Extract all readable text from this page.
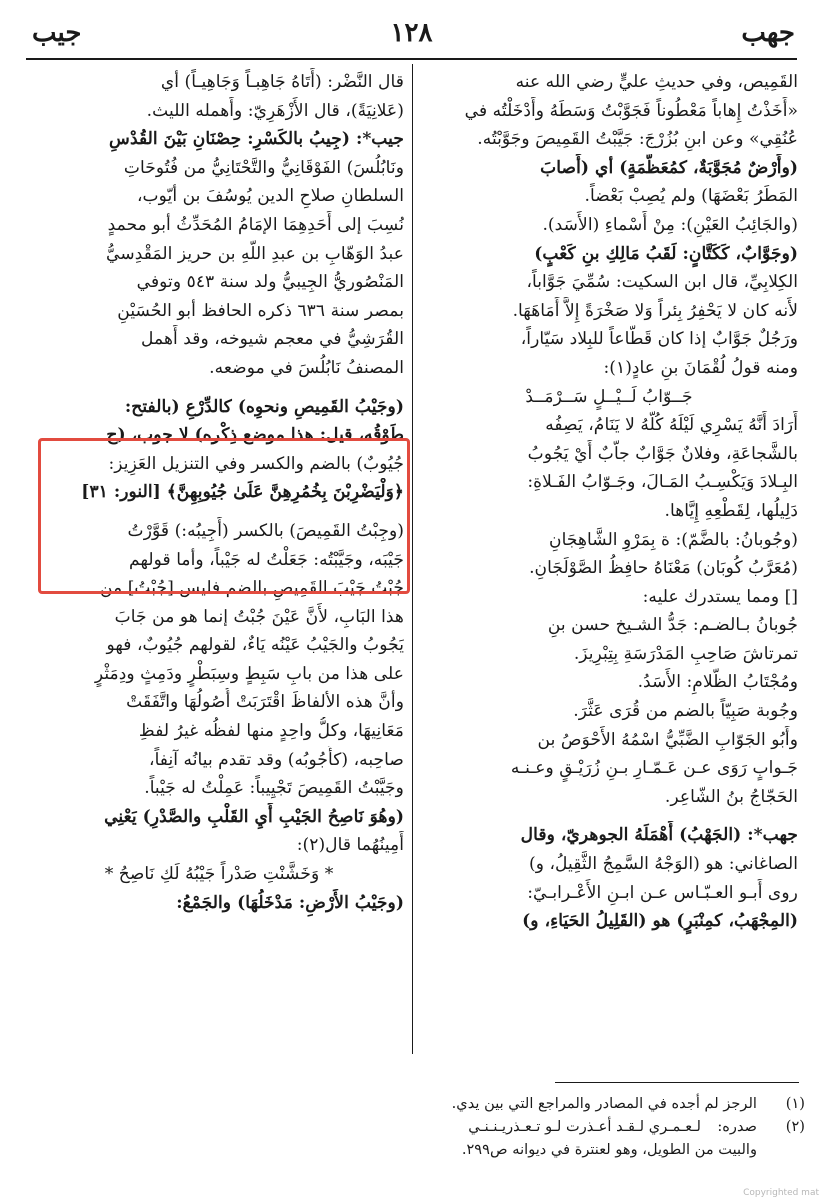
جهب
١٢٨
جيب
القَمِيص، وفي حديثِ عليٍّ رضي الله عنه
«أَخَذْتُ إِهاباً مَعْطُوناً فَجَوَّبْتُ وَسَطَهُ وأَدْخَلْتُه في
عُنُقِي» وعن ابنِ بُزُرْجَ: جَيَّبْتُ القَمِيصَ وجَوَّبْتُه.
(وأَرْضٌ مُجَوَّبَةٌ، كمُعَظَّمَةٍ) أي (أَصابَ
المَطَرُ بَعْضَهَا) ولم يُصِبْ بَعْضاً.
(والجَائِبُ العَيْنِ): مِنْ أَسْماءِ (الأَسَد).
(وجَوَّابٌ، كَكَتَّانٍ: لَقَبُ مَالِكِ بنِ كَعْبٍ)
الكِلابِيِّ، قال ابن السكيت: سُمِّيَ جَوَّاباً،
لأَنه كان لا يَحْفِرُ بِئراً وَلا صَخْرَةً إِلاَّ أَمَاهَهَا.
ورَجُلٌ جَوَّابٌ إذا كان قَطَّاعاً للبِلاد سَيّاراً،
ومنه قولُ لُقْمَانَ بنِ عادٍ(١):
جَــوّابُ لَــيْــلٍ سَــرْمَــدْ
أَرَادَ أَنَّهُ يَسْرِي لَيْلَهُ كُلَّهُ لا يَنَامُ، يَصِفُه
بالشَّجاعَةِ، وفلانٌ جَوَّابٌ جاَّبٌ أَيْ يَجُوبُ
البِـلادَ وَيَكْسِـبُ المَـالَ، وجَـوّابُ الفَـلاةِ:
دَلِيلُها، لِقَطْعِهِ إِيَّاها.
(وجُوبانُ: بالضَّمّ): ة بِمَرْوِ الشَّاهِجَانِ
(مُعَرَّبُ كُوبَان) مَعْنَاهُ حافِظُ الصَّوْلَجَانِ.
[] ومما يستدرك عليه:
جُوبانُ بـالضـم: جَدُّ الشـيخ حسن بنِ
تمرتاشَ صَاحِبِ المَدْرَسَةِ بِتِبْرِيزَ.
ومُجْتَابُ الظَّلامِ: الأَسَدُ.
وجُوبة صَبِيّاً بالضم من قُرَى عَثَّرَ.
وأَبُو الجَوّابِ الضَّبِّيُّ اسْمُهُ الأَحْوَصُ بن
جَـوابٍ رَوَى عـن عَـمّـارِ بـنِ زُرَيْـقٍ وعـنـه
الحَجّاجُ بنُ الشّاعِر.
جهب*: (الجَهْبُ) أَهْمَلَهُ الجوهريّ، وقال
الصاغاني: هو (الوَجْهُ السَّمِجُ الثَّقِيلُ، و)
روى أَبـو العـبّـاس عـن ابـنِ الأَعْـرابـيّ:
(المِجْهَبُ، كمِنْبَرٍ) هو (القَلِيلُ الحَيَاءِ، و)
قال النَّضْر: (أَتَاهُ جَاهِبـاً وَجَاهِيـاً) أي
(عَلانِيَةً)، قال الأَزْهَرِيّ: وأَهمله الليث.
جيب*: (جِيبُ بالكَسْرِ: حِصْنَانِ بَيْنَ القُدْسِ
ونَابُلُسَ) الفَوْقَانِيُّ والتَّحْتَانِيُّ من فُتُوحَاتِ
السلطانِ صلاحِ الدين يُوسُفَ بن أيّوب،
نُسِبَ إلى أَحَدِهِمَا الإمَامُ المُحَدِّثُ أبو محمدٍ
عبدُ الوَهّابِ بن عبدِ اللّهِ بن حريز المَقْدِسيُّ
المَنْصُوريُّ الجِيبيُّ ولد سنة ٥٤٣ وتوفي
بمصر سنة ٦٣٦ ذكره الحافظ أبو الحُسَيْنِ
القُرَشِيُّ في معجم شيوخه، وقد أَهمل
المصنفُ نَابُلُسَ في موضعه.
(وجَيْبُ القَمِيصِ ونحوِه) كالدِّرْعِ (بالفتح:
طَوْقُه، قيل: هذا موضع ذِكْره) لا جوب، (ج
جُيُوبٌ) بالضم والكسر وفي التنزيل العَزِيز:
﴿وَلْيَضْرِبْنَ بِخُمُرِهِنَّ عَلَىٰ جُيُوبِهِنَّ﴾ [النور: ٣١]
(وجِبْتُ القَمِيصَ) بالكسر (أَجِيبُه:) قَوَّرْتُ
جَيْبَه، وجَيَّبْتُه: جَعَلْتُ له جَيْباً، وأما قولهم
جُبْتُ جَيْبَ القَمِيصِ بالضم فليس [جُبْتُ] من
هذا البَابِ، لأَنَّ عَيْنَ جُبْتُ إنما هو من جَابَ
يَجُوبُ والجَيْبُ عَيْنُه يَاءٌ، لقولهم جُيُوبٌ، فهو
على هذا من بابِ سَبِطٍ وسِبَطْرٍ ودَمِثٍ ودِمَثْرٍ
وأنَّ هذه الألفاظَ اقْتَرَبَتْ أُصُولُهَا واتَّفَقَتْ
مَعَانِيهَا، وكلُّ واحِدٍ منها لفظُه غيرُ لفظِ
صاحِبه، (كأَجُوبُه) وقد تقدم بيانُه آنِفاً،
وجَيَّبْتُ القَمِيصَ تَجْيِيباً: عَمِلْتُ له جَيْباً.
(وهُوَ نَاصِحُ الجَيْبِ أَيِ القَلْبِ والصَّدْرِ) يَعْنِي
أَمِينُهُما قال(٢):
* وَخَشَّنْتِ صَدْراً جَيْبُهُ لَكِ نَاصِحُ *
(وجَيْبُ الأَرْضِ: مَدْخَلُهَا) والجَمْعُ:
(١)الرجز لم أجده في المصادر والمراجع التي بين يدي.
(٢)صدره:لـعـمـري لـقـد أعـذرت لـو تـعـذريـنـنـي
والبيت من الطويل، وهو لعنترة في ديوانه ص٢٩٩.
Copyrighted mat
